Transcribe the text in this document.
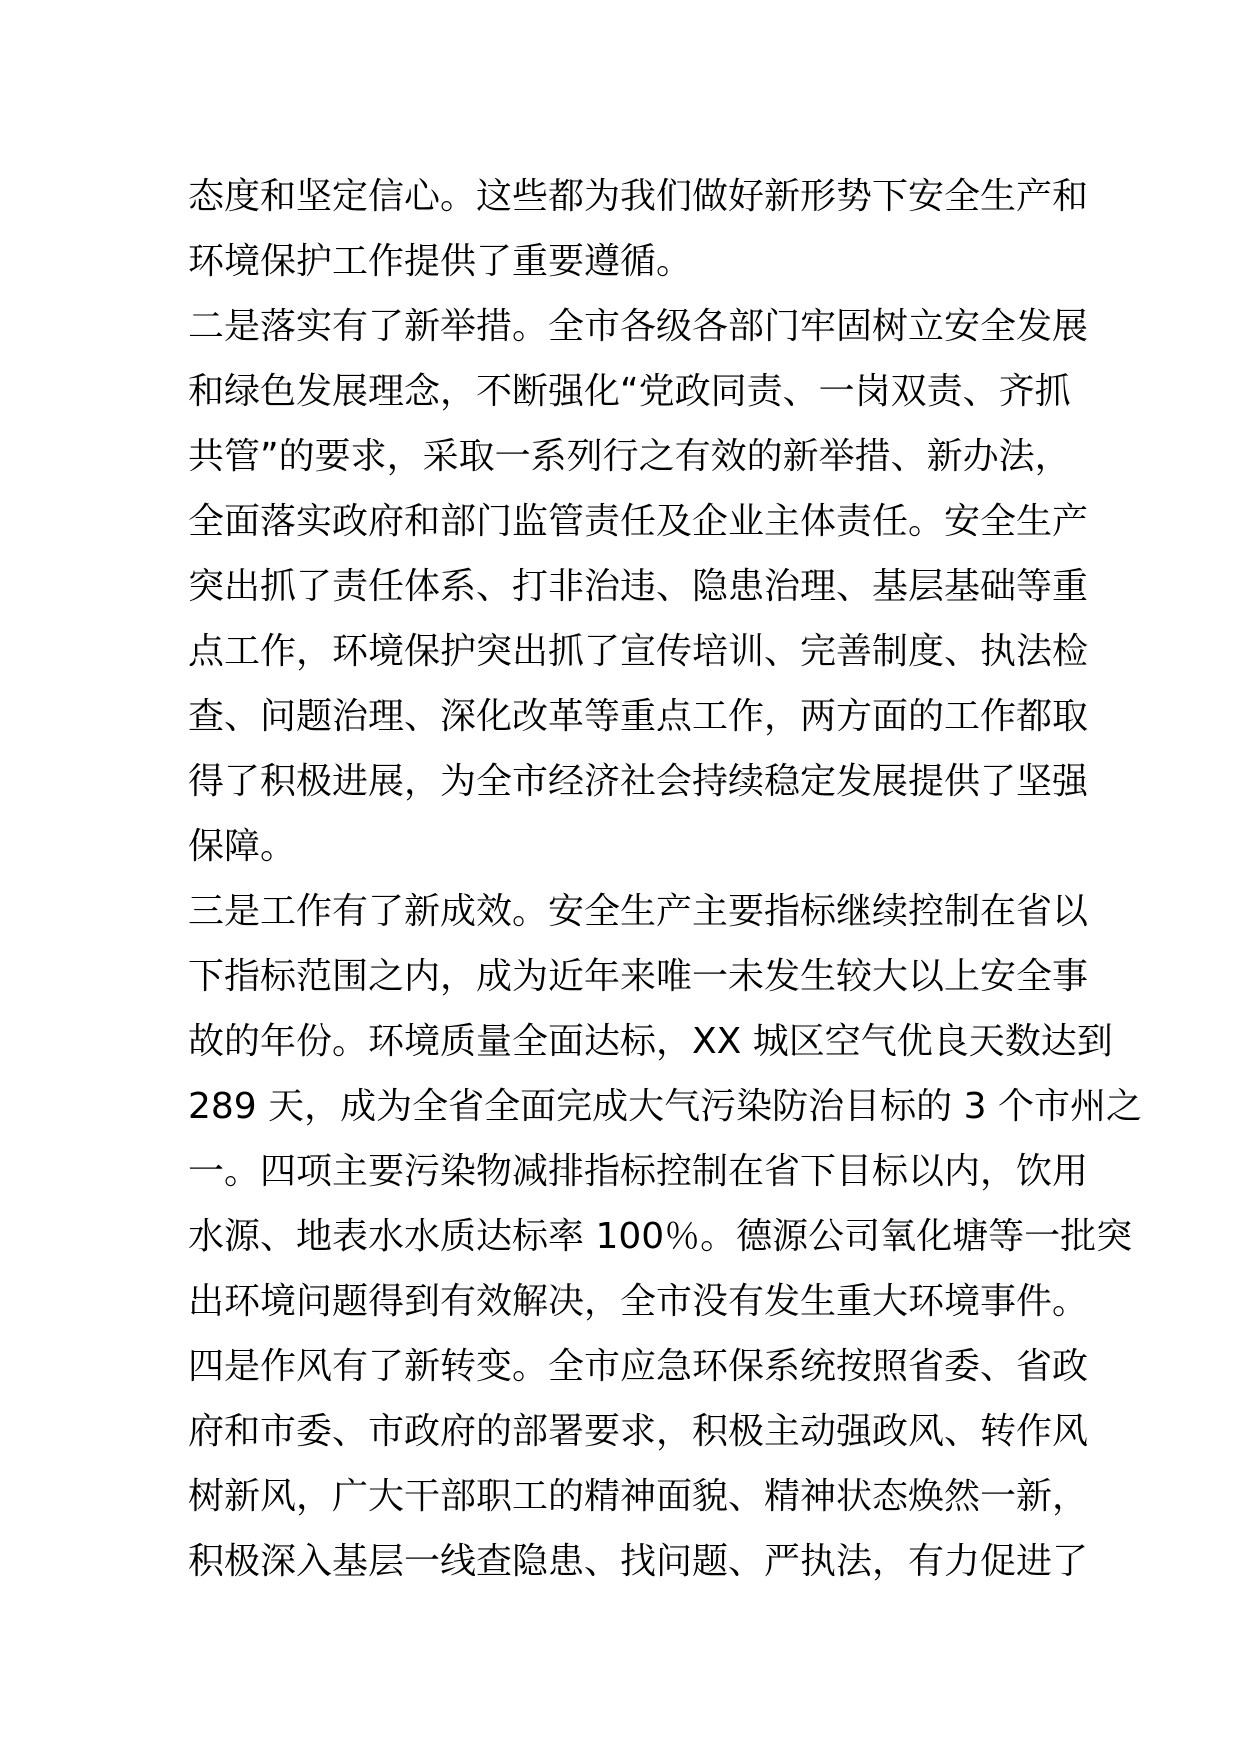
态度和坚定信心。这些都为我们做好新形势下安全生产和
环境保护工作提供了重要遵循。
二是落实有了新举措。全市各级各部门牢固树立安全发展
和绿色发展理念，不断强化“党政同责、一岗双责、齐抓
共管”的要求，采取一系列行之有效的新举措、新办法，
全面落实政府和部门监管责任及企业主体责任。安全生产
突出抓了责任体系、打非治违、隐患治理、基层基础等重
点工作，环境保护突出抓了宣传培训、完善制度、执法检
查、问题治理、深化改革等重点工作，两方面的工作都取
得了积极进展，为全市经济社会持续稳定发展提供了坚强
保障。
三是工作有了新成效。安全生产主要指标继续控制在省以
下指标范围之内，成为近年来唯一未发生较大以上安全事
故的年份。环境质量全面达标，XX 城区空气优良天数达到
289 天，成为全省全面完成大气污染防治目标的 3 个市州之
一。四项主要污染物减排指标控制在省下目标以内，饮用
水源、地表水水质达标率 100％。德源公司氧化塘等一批突
出环境问题得到有效解决，全市没有发生重大环境事件。
四是作风有了新转变。全市应急环保系统按照省委、省政
府和市委、市政府的部署要求，积极主动强政风、转作风
树新风，广大干部职工的精神面貌、精神状态焕然一新，
积极深入基层一线查隐患、找问题、严执法，有力促进了
